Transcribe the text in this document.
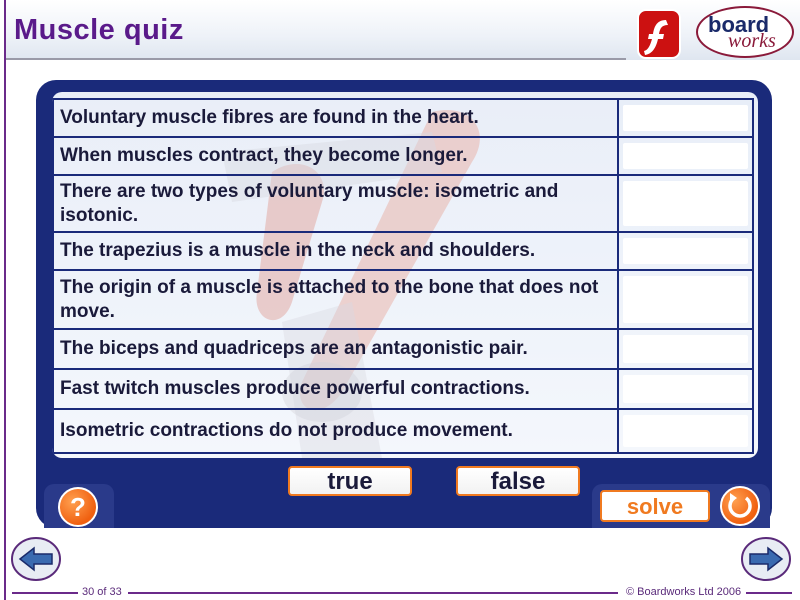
Muscle quiz	board
works
Voluntary muscle fibres are found in the heart.	

When muscles contract, they become longer.	

There are two types of voluntary muscle: isometric and isotonic.	

The trapezius is a muscle in the neck and shoulders.	

The origin of a muscle is attached to the bone that does not move.	

The biceps and quadriceps are an antagonistic pair.	

Fast twitch muscles produce powerful contractions.	

Isometric contractions do not produce movement.	
true	false
?	solve
30 of 33	© Boardworks Ltd 2006
